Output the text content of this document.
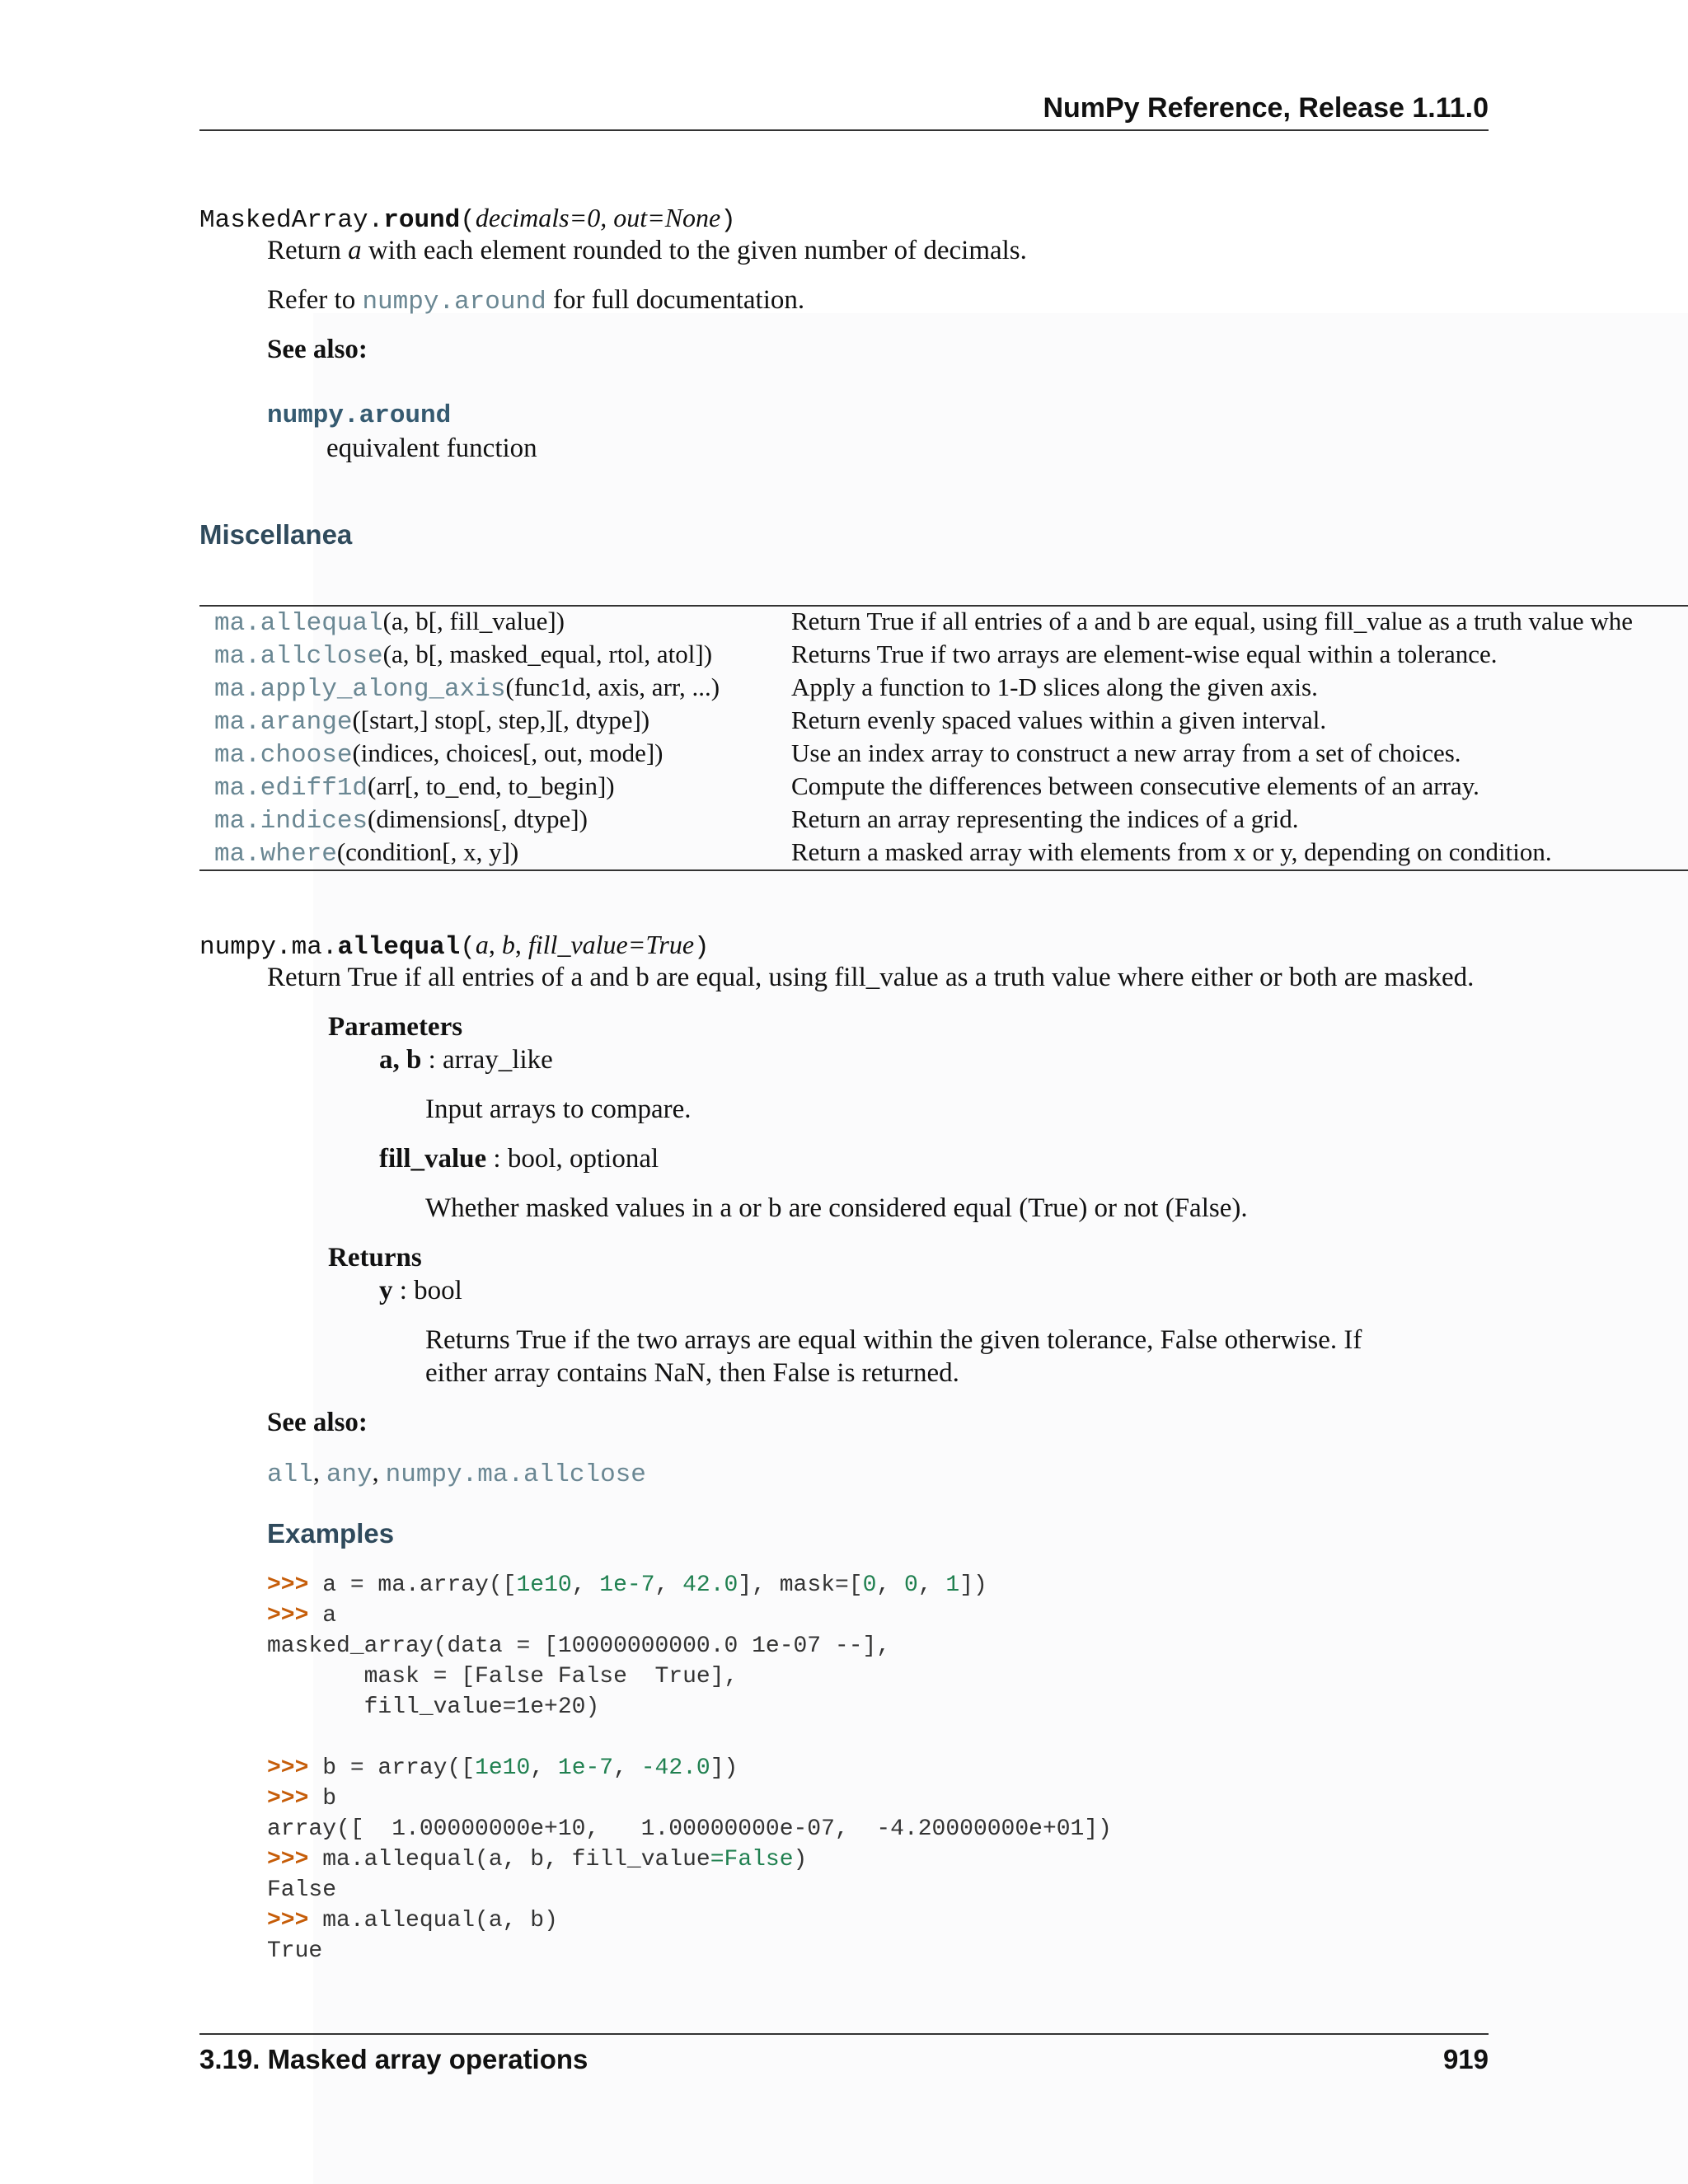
NumPy Reference, Release 1.11.0
MaskedArray.round(decimals=0, out=None)
Return a with each element rounded to the given number of decimals.
Refer to numpy.around for full documentation.
See also:
numpy.around
equivalent function
Miscellanea
ma.allequal(a, b[, fill_value])	Return True if all entries of a and b are equal, using fill_value as a truth value whe
ma.allclose(a, b[, masked_equal, rtol, atol])	Returns True if two arrays are element-wise equal within a tolerance.
ma.apply_along_axis(func1d, axis, arr, ...)	Apply a function to 1-D slices along the given axis.
ma.arange([start,] stop[, step,][, dtype])	Return evenly spaced values within a given interval.
ma.choose(indices, choices[, out, mode])	Use an index array to construct a new array from a set of choices.
ma.ediff1d(arr[, to_end, to_begin])	Compute the differences between consecutive elements of an array.
ma.indices(dimensions[, dtype])	Return an array representing the indices of a grid.
ma.where(condition[, x, y])	Return a masked array with elements from x or y, depending on condition.
numpy.ma.allequal(a, b, fill_value=True)
Return True if all entries of a and b are equal, using fill_value as a truth value where either or both are masked.
Parameters
a, b : array_like
Input arrays to compare.
fill_value : bool, optional
Whether masked values in a or b are considered equal (True) or not (False).
Returns
y : bool
Returns True if the two arrays are equal within the given tolerance, False otherwise. If
either array contains NaN, then False is returned.
See also:
all, any, numpy.ma.allclose
Examples
>>> a = ma.array([1e10, 1e-7, 42.0], mask=[0, 0, 1])
>>> a
masked_array(data = [10000000000.0 1e-07 --],
mask = [False False  True],
fill_value=1e+20)
>>> b = array([1e10, 1e-7, -42.0])
>>> b
array([  1.00000000e+10,   1.00000000e-07,  -4.20000000e+01])
>>> ma.allequal(a, b, fill_value=False)
False
>>> ma.allequal(a, b)
True
3.19. Masked array operations	919
